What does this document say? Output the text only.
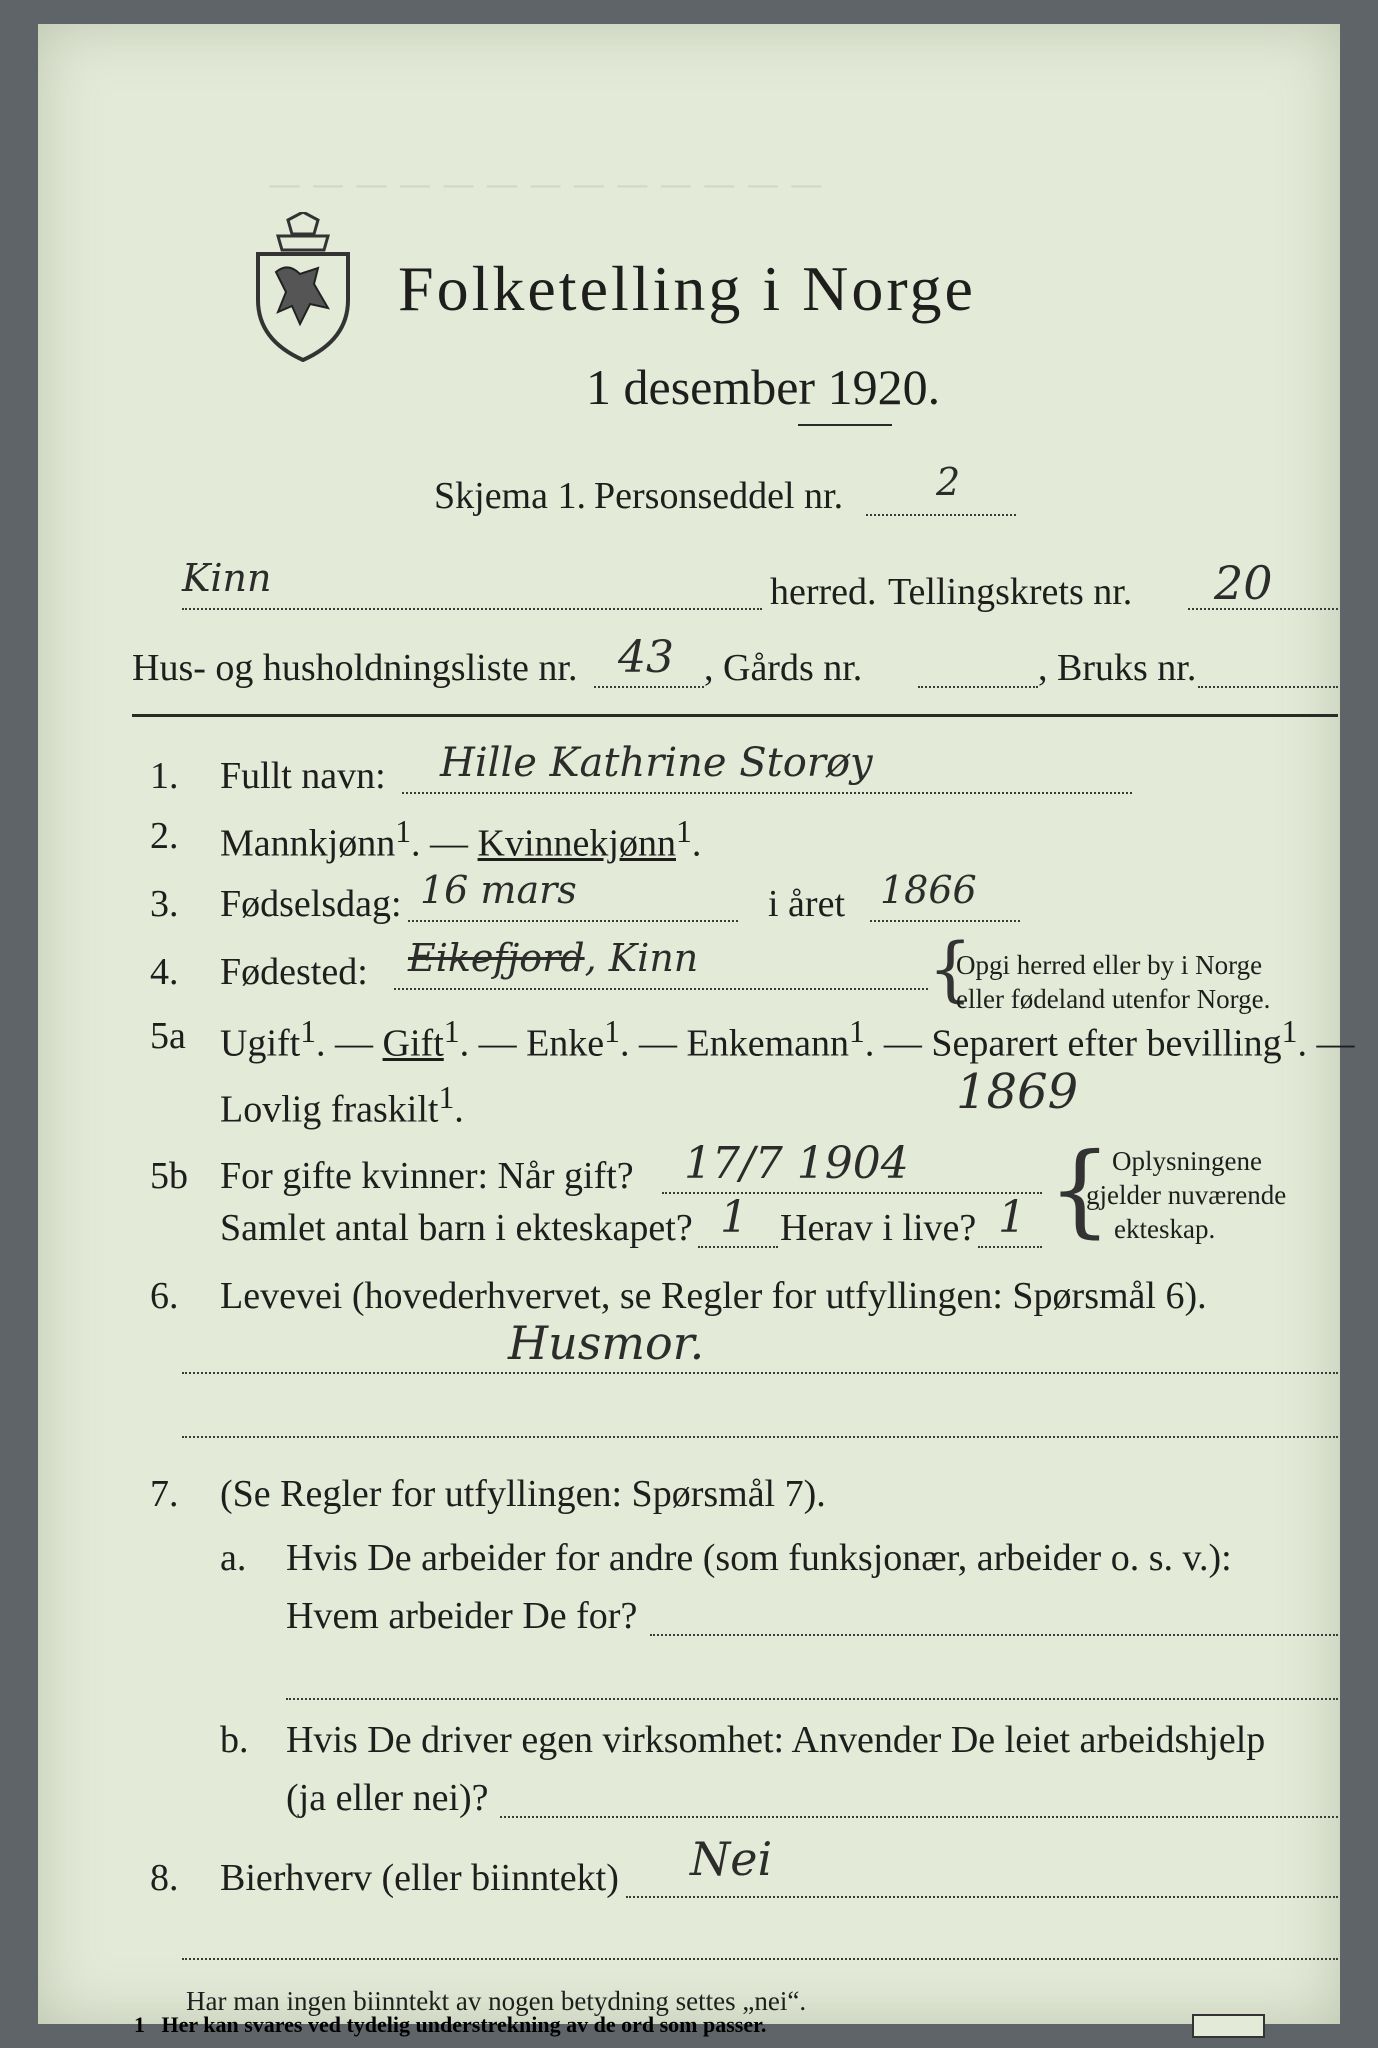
— — — — — — — — — — — — —
Folketelling i Norge
1 desember 1920.
Skjema 1. Personseddel nr. 2
Kinn	herred. Tellingskrets nr. 20
Hus- og husholdningsliste nr. 43 , Gårds nr.	, Bruks nr.
1. Fullt navn: Hille Kathrine Storøy
2. Mannkjønn$^1$. — Kvinnekjønn$^1$.
3. Fødselsdag: 16 mars	i året 1866
4. Fødested: Eikefjord, Kinn	{
Opgi herred eller by i Norge
eller fødeland utenfor Norge.
5a Ugift$^1$. — Gift$^1$. — Enke$^1$. — Enkemann$^1$. — Separert efter bevilling$^1$. —
Lovlig fraskilt$^1$.	1869
5b For gifte kvinner: Når gift? 17/7 1904
Samlet antal barn i ekteskapet? 1 Herav i live? 1 { Oplysningene
gjelder nuværende
ekteskap.
6. Levevei (hovederhvervet, se Regler for utfyllingen: Spørsmål 6).
Husmor.
7. (Se Regler for utfyllingen: Spørsmål 7).
a. Hvis De arbeider for andre (som funksjonær, arbeider o. s. v.):
Hvem arbeider De for?
b. Hvis De driver egen virksomhet: Anvender De leiet arbeidshjelp
(ja eller nei)?
8. Bierhverv (eller biinntekt) Nei
Har man ingen biinntekt av nogen betydning settes „nei“.
1 Her kan svares ved tydelig understrekning av de ord som passer.
